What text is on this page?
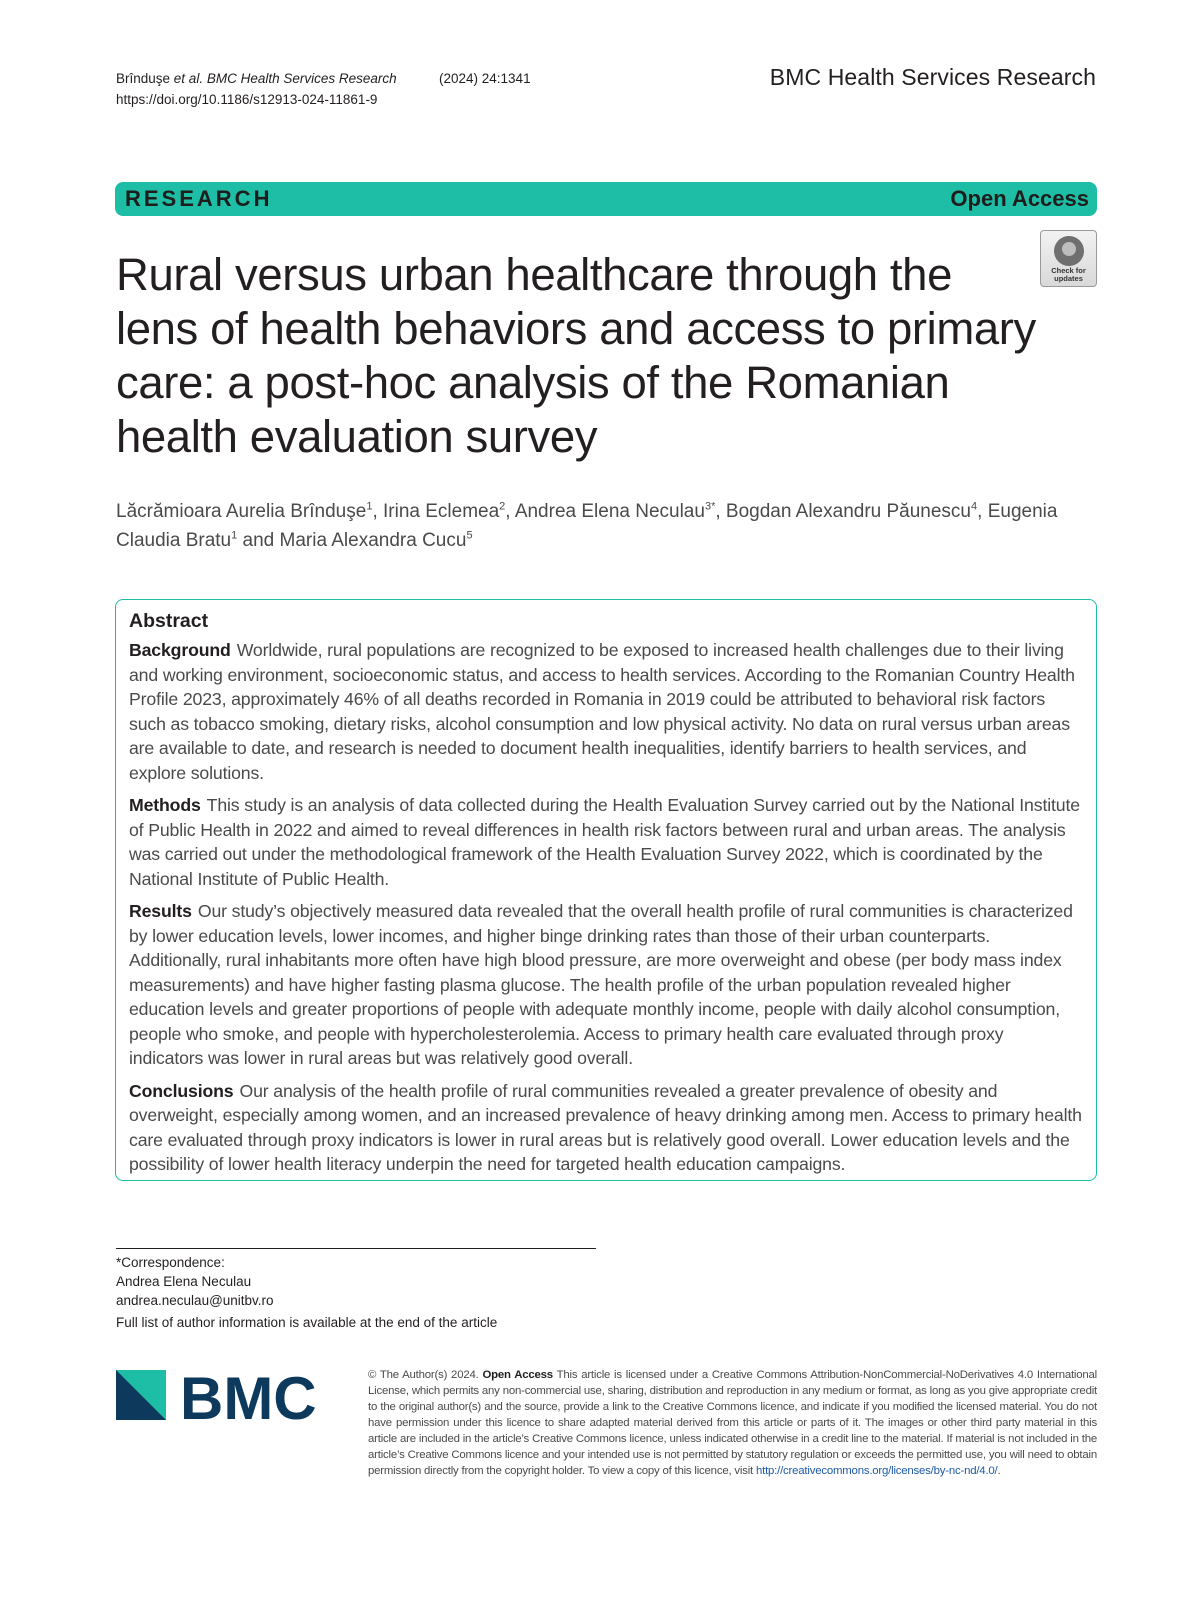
Brînduşe et al. BMC Health Services Research	(2024) 24:1341
https://doi.org/10.1186/s12913-024-11861-9
BMC Health Services Research
RESEARCH	Open Access
Check for
updates
Rural versus urban healthcare through the lens of health behaviors and access to primary care: a post-hoc analysis of the Romanian health evaluation survey
Lăcrămioara Aurelia Brînduşe$^1$, Irina Eclemea$^2$, Andrea Elena Neculau$^{3*}$, Bogdan Alexandru Păunescu$^4$, Eugenia Claudia Bratu$^1$ and Maria Alexandra Cucu$^5$
Abstract

Background Worldwide, rural populations are recognized to be exposed to increased health challenges due to their living and working environment, socioeconomic status, and access to health services. According to the Romanian Country Health Profile 2023, approximately 46% of all deaths recorded in Romania in 2019 could be attributed to behavioral risk factors such as tobacco smoking, dietary risks, alcohol consumption and low physical activity. No data on rural versus urban areas are available to date, and research is needed to document health inequalities, identify barriers to health services, and explore solutions.

Methods This study is an analysis of data collected during the Health Evaluation Survey carried out by the National Institute of Public Health in 2022 and aimed to reveal differences in health risk factors between rural and urban areas. The analysis was carried out under the methodological framework of the Health Evaluation Survey 2022, which is coordinated by the National Institute of Public Health.

Results Our study’s objectively measured data revealed that the overall health profile of rural communities is characterized by lower education levels, lower incomes, and higher binge drinking rates than those of their urban counterparts. Additionally, rural inhabitants more often have high blood pressure, are more overweight and obese (per body mass index measurements) and have higher fasting plasma glucose. The health profile of the urban population revealed higher education levels and greater proportions of people with adequate monthly income, people with daily alcohol consumption, people who smoke, and people with hypercholesterolemia. Access to primary health care evaluated through proxy indicators was lower in rural areas but was relatively good overall.

Conclusions Our analysis of the health profile of rural communities revealed a greater prevalence of obesity and overweight, especially among women, and an increased prevalence of heavy drinking among men. Access to primary health care evaluated through proxy indicators is lower in rural areas but is relatively good overall. Lower education levels and the possibility of lower health literacy underpin the need for targeted health education campaigns.

*Correspondence:
Andrea Elena Neculau
andrea.neculau@unitbv.ro
Full list of author information is available at the end of the article
BMC	© The Author(s) 2024. Open Access This article is licensed under a Creative Commons Attribution-NonCommercial-NoDerivatives 4.0 International License, which permits any non-commercial use, sharing, distribution and reproduction in any medium or format, as long as you give appropriate credit to the original author(s) and the source, provide a link to the Creative Commons licence, and indicate if you modified the licensed material. You do not have permission under this licence to share adapted material derived from this article or parts of it. The images or other third party material in this article are included in the article’s Creative Commons licence, unless indicated otherwise in a credit line to the material. If material is not included in the article’s Creative Commons licence and your intended use is not permitted by statutory regulation or exceeds the permitted use, you will need to obtain permission directly from the copyright holder. To view a copy of this licence, visit http://creativecommons.org/licenses/by-nc-nd/4.0/.
